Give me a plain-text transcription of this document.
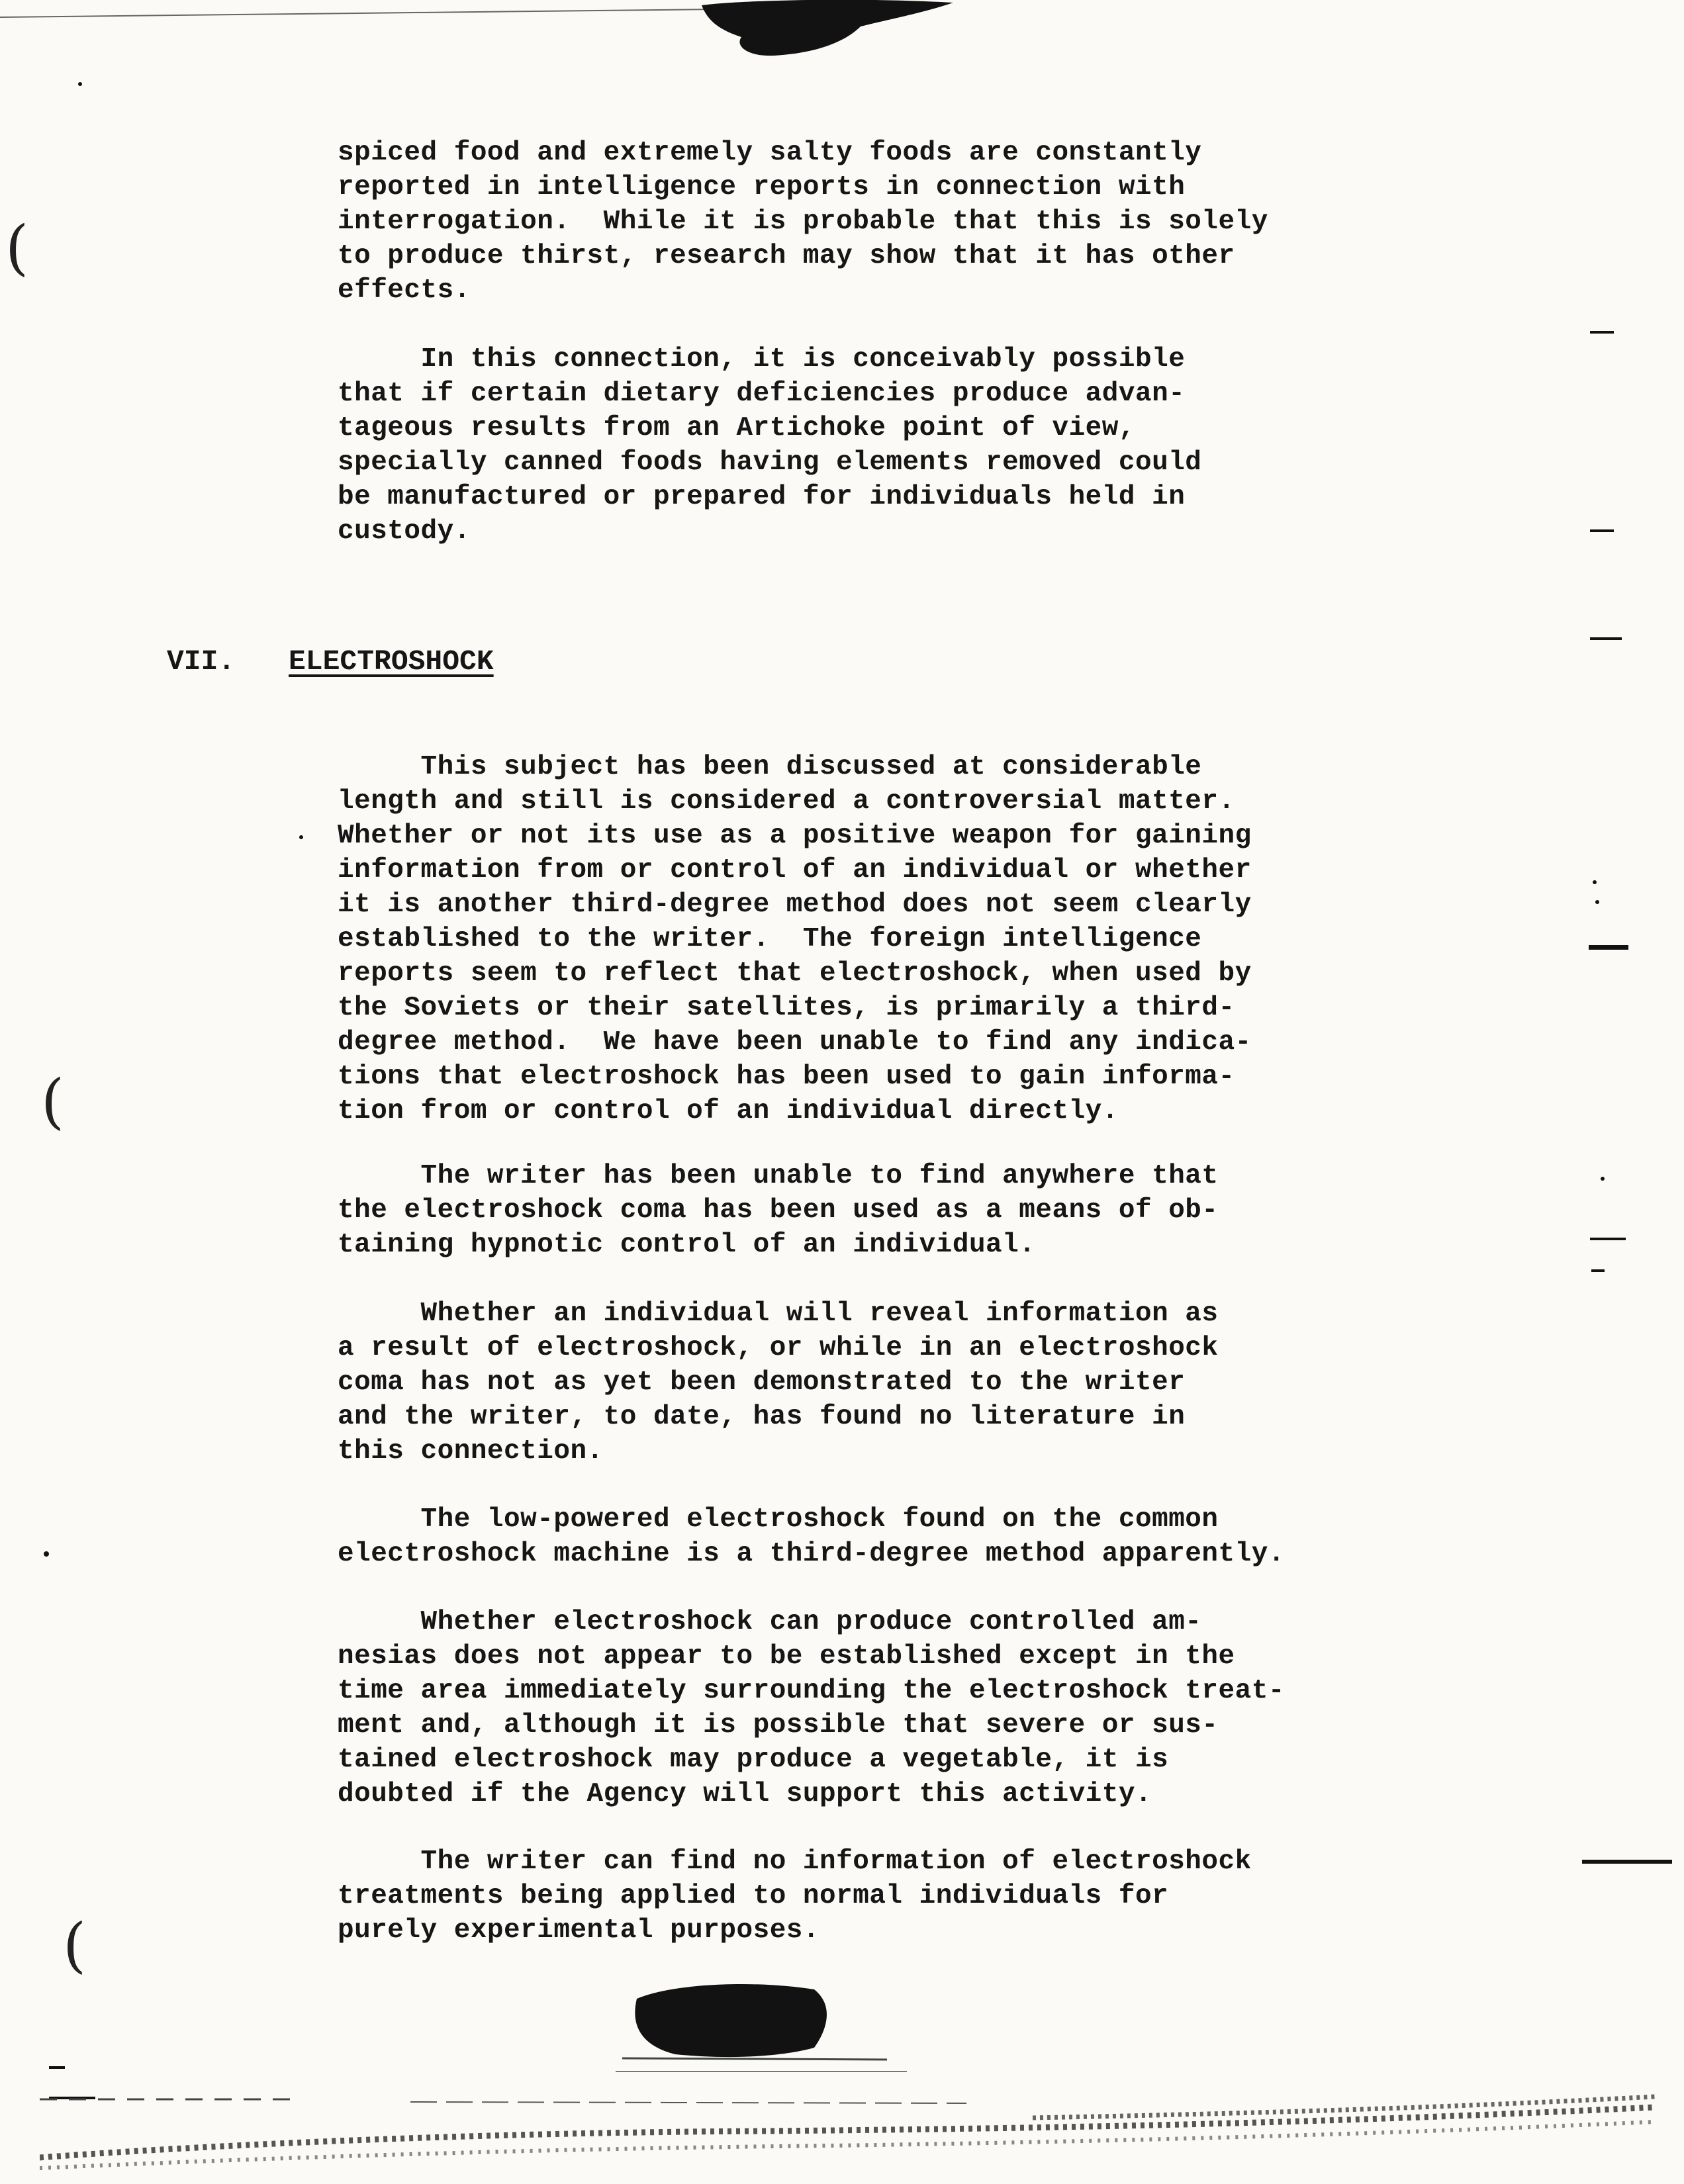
spiced food and extremely salty foods are constantly
reported in intelligence reports in connection with
interrogation.  While it is probable that this is solely
to produce thirst, research may show that it has other
effects.

In this connection, it is conceivably possible
that if certain dietary deficiencies produce advan-
tageous results from an Artichoke point of view,
specially canned foods having elements removed could
be manufactured or prepared for individuals held in
custody.

VII. ELECTROSHOCK

This subject has been discussed at considerable
length and still is considered a controversial matter.
Whether or not its use as a positive weapon for gaining
information from or control of an individual or whether
it is another third-degree method does not seem clearly
established to the writer.  The foreign intelligence
reports seem to reflect that electroshock, when used by
the Soviets or their satellites, is primarily a third-
degree method.  We have been unable to find any indica-
tions that electroshock has been used to gain informa-
tion from or control of an individual directly.

The writer has been unable to find anywhere that
the electroshock coma has been used as a means of ob-
taining hypnotic control of an individual.

Whether an individual will reveal information as
a result of electroshock, or while in an electroshock
coma has not as yet been demonstrated to the writer
and the writer, to date, has found no literature in
this connection.

The low-powered electroshock found on the common
electroshock machine is a third-degree method apparently.

Whether electroshock can produce controlled am-
nesias does not appear to be established except in the
time area immediately surrounding the electroshock treat-
ment and, although it is possible that severe or sus-
tained electroshock may produce a vegetable, it is
doubted if the Agency will support this activity.

The writer can find no information of electroshock
treatments being applied to normal individuals for
purely experimental purposes.

(
(
(
